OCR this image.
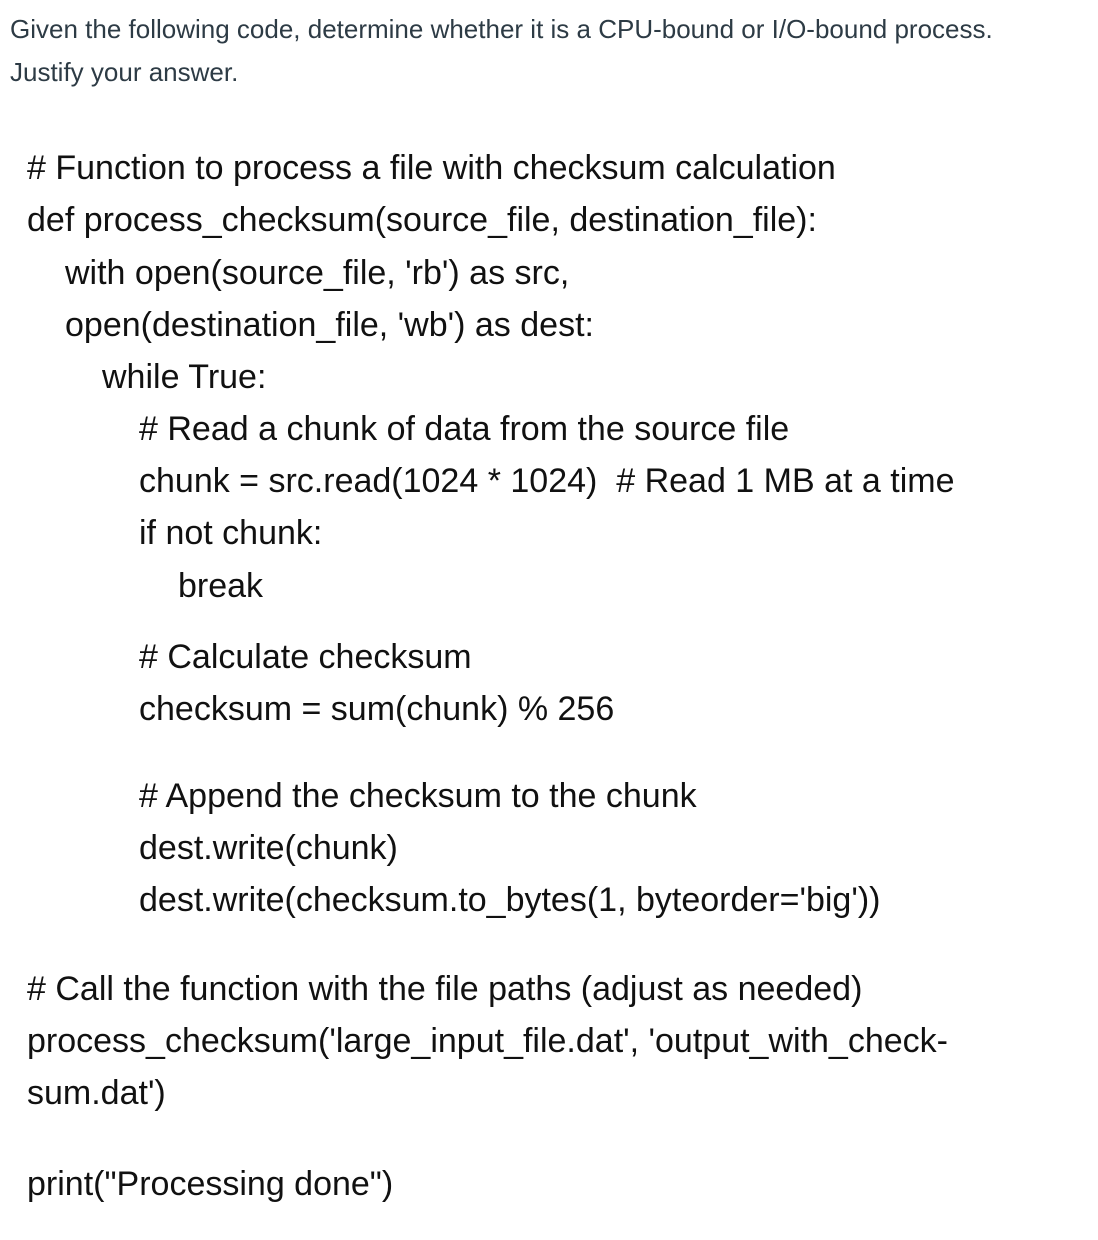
Given the following code, determine whether it is a CPU-bound or I/O-bound process. Justify your answer.

# Function to process a file with checksum calculation
def process_checksum(source_file, destination_file):
with open(source_file, 'rb') as src,
open(destination_file, 'wb') as dest:
while True:
# Read a chunk of data from the source file
chunk = src.read(1024 * 1024)  # Read 1 MB at a time
if not chunk:
break
# Calculate checksum
checksum = sum(chunk) % 256
# Append the checksum to the chunk
dest.write(chunk)
dest.write(checksum.to_bytes(1, byteorder='big'))
# Call the function with the file paths (adjust as needed)
process_checksum('large_input_file.dat', 'output_with_check-
sum.dat')
print("Processing done")
